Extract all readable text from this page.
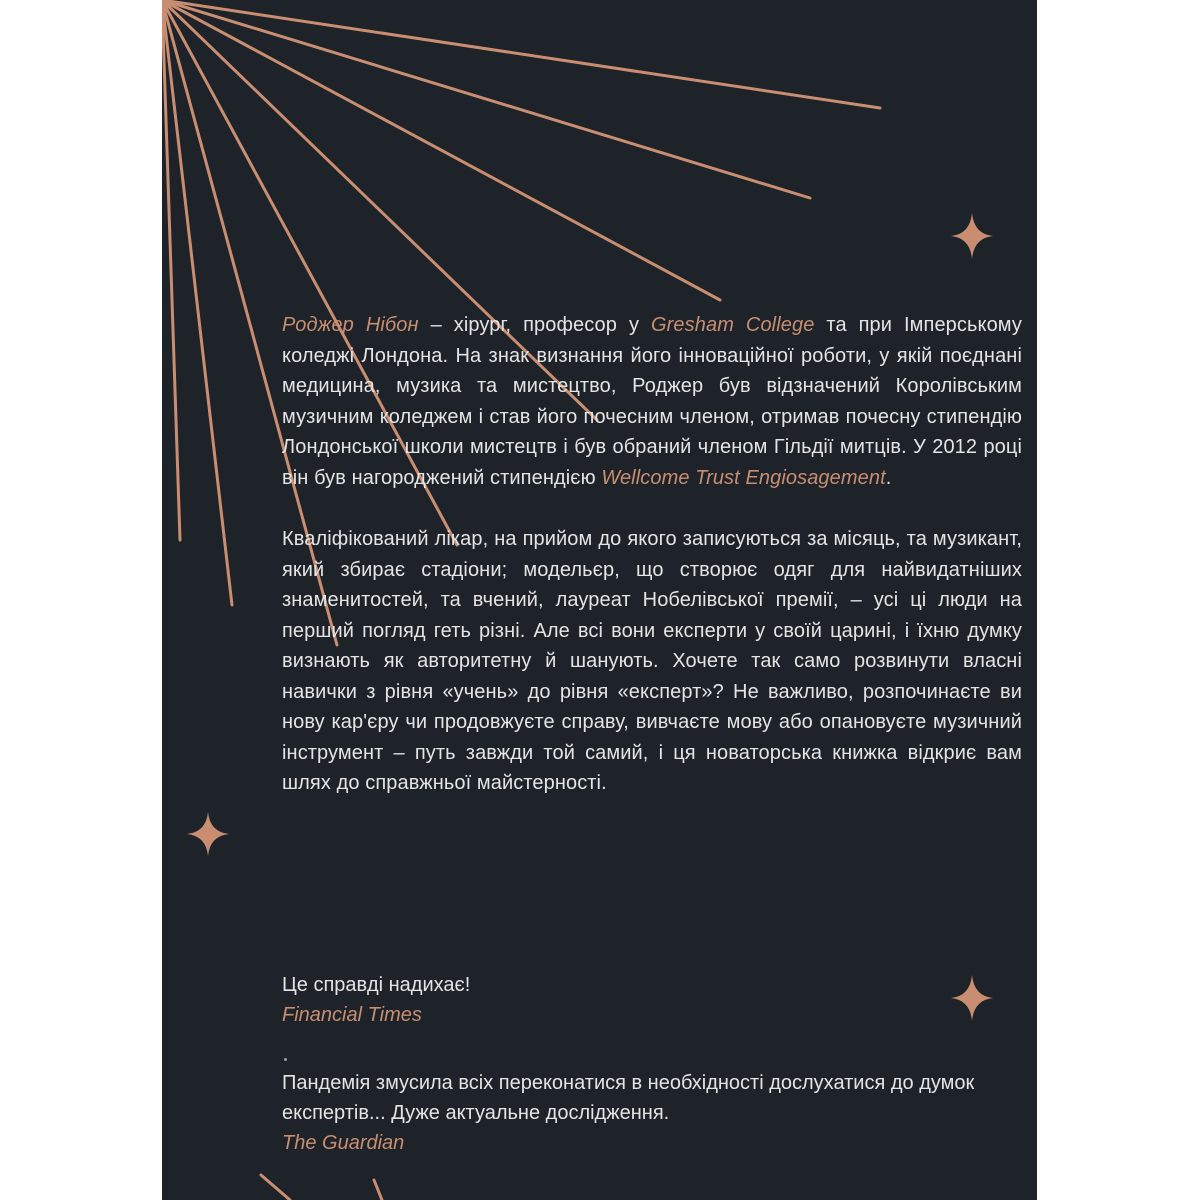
Роджер Нібон – хірург, професор у Gresham College та при Імперському коледжі Лондона. На знак визнання його інноваційної роботи, у якій поєднані медицина, музика та мистецтво, Роджер був відзначений Королівським музичним коледжем і став його почесним членом, отримав почесну стипендію Лондонської школи мистецтв і був обраний членом Гільдії митців. У 2012 році він був нагороджений стипендією Wellcome Trust Engiosagement.

Кваліфікований лікар, на прийом до якого записуються за місяць, та музикант, який збирає стадіони; модельєр, що створює одяг для найвидатніших знаменитостей, та вчений, лауреат Нобелівської премії, – усі ці люди на перший погляд геть різні. Але всі вони експерти у своїй царині, і їхню думку визнають як авторитетну й шанують. Хочете так само розвинути власні навички з рівня «учень» до рівня «експерт»? Не важливо, розпочинаєте ви нову кар'єру чи продовжуєте справу, вивчаєте мову або опановуєте музичний інструмент – путь завжди той самий, і ця новаторська книжка відкриє вам шлях до справжньої майстерності.

Це справді надихає!
Financial Times
Пандемія змусила всіх переконатися в необхідності дослухатися до думок експертів... Дуже актуальне дослідження.
The Guardian
